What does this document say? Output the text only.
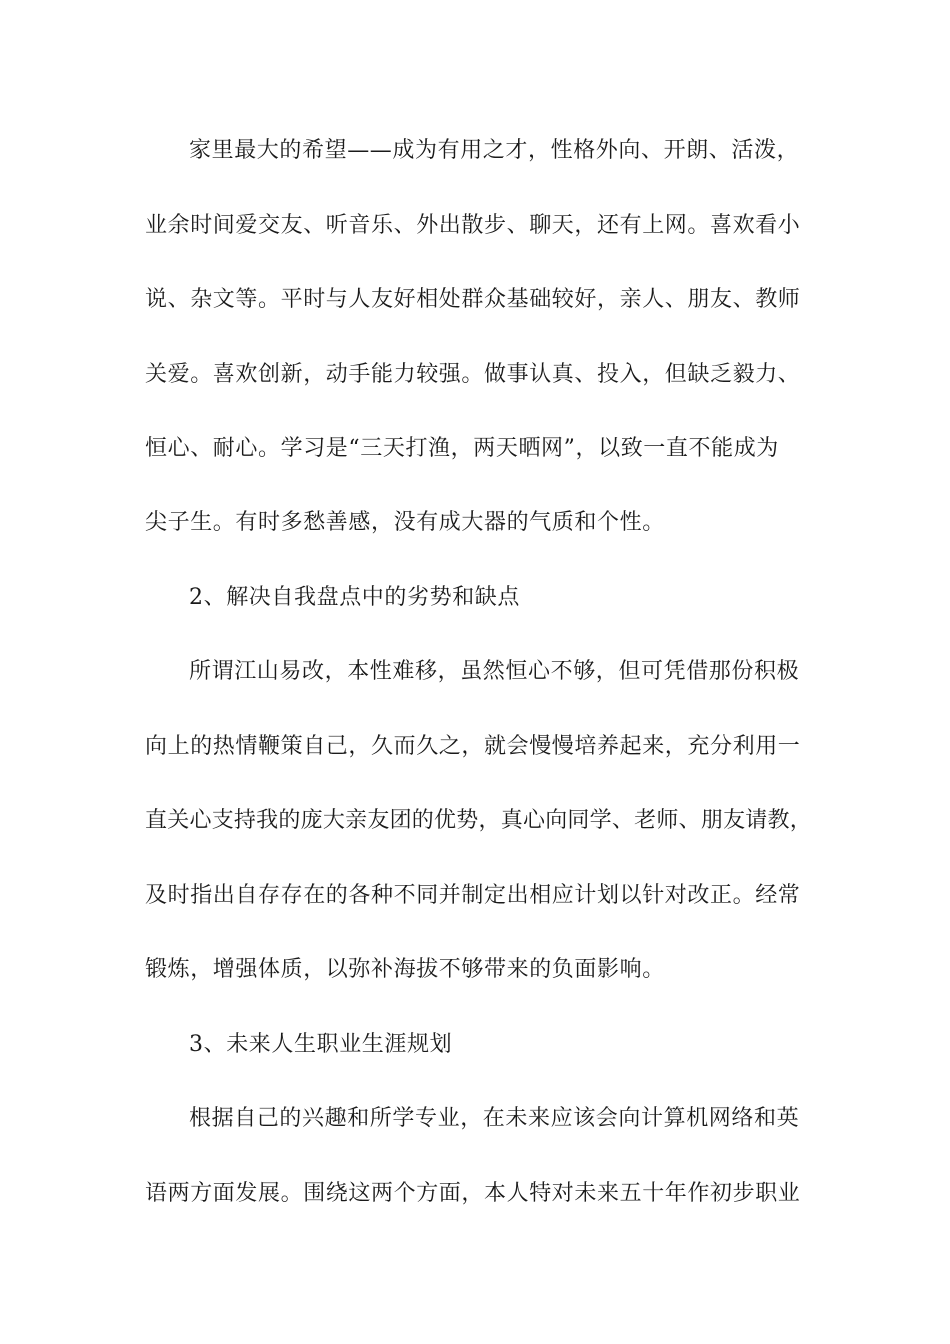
家里最大的希望——成为有用之才，性格外向、开朗、活泼，
业余时间爱交友、听音乐、外出散步、聊天，还有上网。喜欢看小
说、杂文等。平时与人友好相处群众基础较好，亲人、朋友、教师
关爱。喜欢创新，动手能力较强。做事认真、投入，但缺乏毅力、
恒心、耐心。学习是“三天打渔，两天晒网”，以致一直不能成为
尖子生。有时多愁善感，没有成大器的气质和个性。
2、解决自我盘点中的劣势和缺点
所谓江山易改，本性难移，虽然恒心不够，但可凭借那份积极
向上的热情鞭策自己，久而久之，就会慢慢培养起来，充分利用一
直关心支持我的庞大亲友团的优势，真心向同学、老师、朋友请教，
及时指出自存存在的各种不同并制定出相应计划以针对改正。经常
锻炼，增强体质，以弥补海拔不够带来的负面影响。
3、未来人生职业生涯规划
根据自己的兴趣和所学专业，在未来应该会向计算机网络和英
语两方面发展。围绕这两个方面，本人特对未来五十年作初步职业
